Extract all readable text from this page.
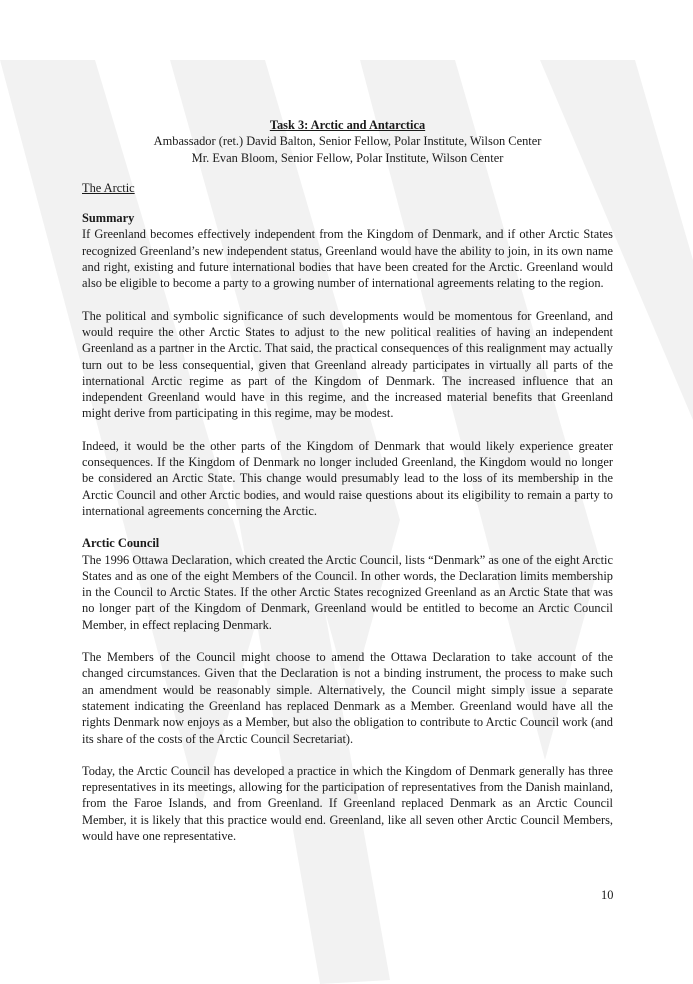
Task 3: Arctic and Antarctica
Ambassador (ret.) David Balton, Senior Fellow, Polar Institute, Wilson Center
Mr. Evan Bloom, Senior Fellow, Polar Institute, Wilson Center
The Arctic
Summary

If Greenland becomes effectively independent from the Kingdom of Denmark, and if other Arctic States recognized Greenland’s new independent status, Greenland would have the ability to join, in its own name and right, existing and future international bodies that have been created for the Arctic. Greenland would also be eligible to become a party to a growing number of international agreements relating to the region.

The political and symbolic significance of such developments would be momentous for Greenland, and would require the other Arctic States to adjust to the new political realities of having an independent Greenland as a partner in the Arctic. That said, the practical consequences of this realignment may actually turn out to be less consequential, given that Greenland already participates in virtually all parts of the international Arctic regime as part of the Kingdom of Denmark. The increased influence that an independent Greenland would have in this regime, and the increased material benefits that Greenland might derive from participating in this regime, may be modest.

Indeed, it would be the other parts of the Kingdom of Denmark that would likely experience greater consequences. If the Kingdom of Denmark no longer included Greenland, the Kingdom would no longer be considered an Arctic State. This change would presumably lead to the loss of its membership in the Arctic Council and other Arctic bodies, and would raise questions about its eligibility to remain a party to international agreements concerning the Arctic.

Arctic Council

The 1996 Ottawa Declaration, which created the Arctic Council, lists “Denmark” as one of the eight Arctic States and as one of the eight Members of the Council. In other words, the Declaration limits membership in the Council to Arctic States. If the other Arctic States recognized Greenland as an Arctic State that was no longer part of the Kingdom of Denmark, Greenland would be entitled to become an Arctic Council Member, in effect replacing Denmark.

The Members of the Council might choose to amend the Ottawa Declaration to take account of the changed circumstances. Given that the Declaration is not a binding instrument, the process to make such an amendment would be reasonably simple. Alternatively, the Council might simply issue a separate statement indicating the Greenland has replaced Denmark as a Member. Greenland would have all the rights Denmark now enjoys as a Member, but also the obligation to contribute to Arctic Council work (and its share of the costs of the Arctic Council Secretariat).

Today, the Arctic Council has developed a practice in which the Kingdom of Denmark generally has three representatives in its meetings, allowing for the participation of representatives from the Danish mainland, from the Faroe Islands, and from Greenland. If Greenland replaced Denmark as an Arctic Council Member, it is likely that this practice would end. Greenland, like all seven other Arctic Council Members, would have one representative.

10
